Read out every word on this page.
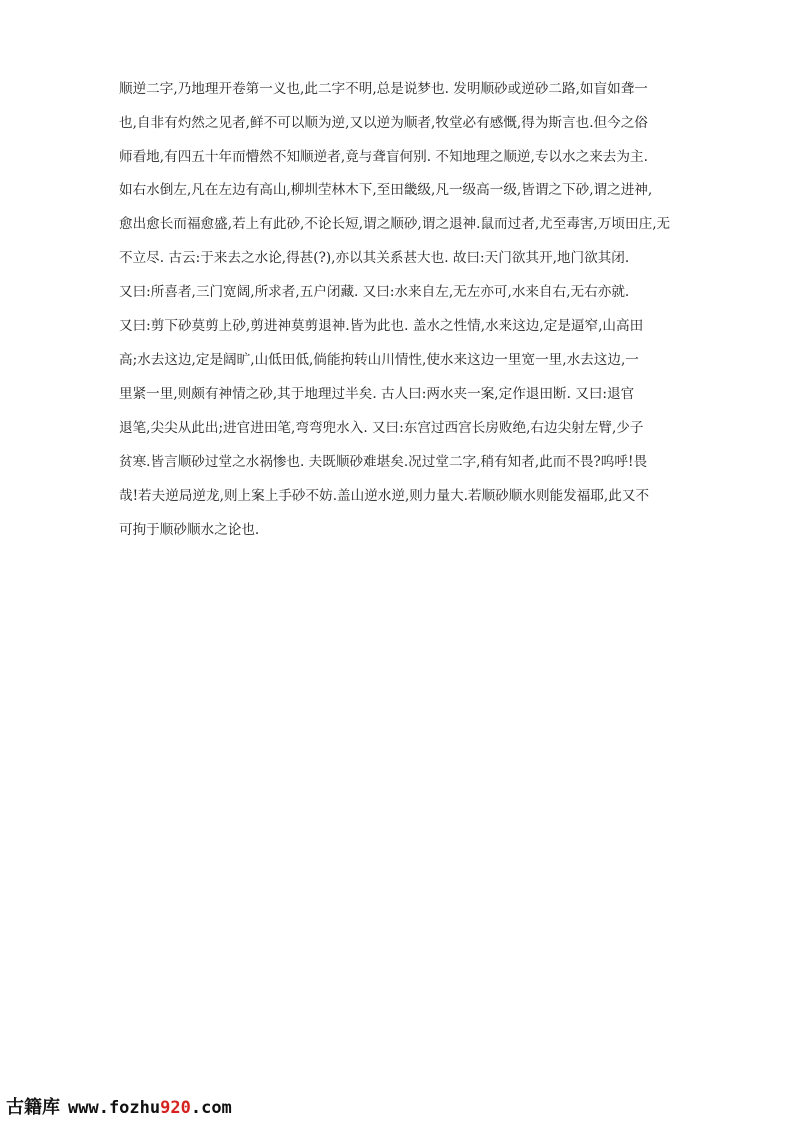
顺逆二字,乃地理开卷第一义也,此二字不明,总是说梦也. 发明顺砂或逆砂二路,如盲如聋一
也,自非有灼然之见者,鲜不可以顺为逆,又以逆为顺者,牧堂必有感慨,得为斯言也.但今之俗
师看地,有四五十年而懵然不知顺逆者,竟与聋盲何别. 不知地理之顺逆,专以水之来去为主.
如右水倒左,凡在左边有高山,柳圳茔林木下,至田畿级,凡一级高一级,皆谓之下砂,谓之进神,
愈出愈长而福愈盛,若上有此砂,不论长短,谓之顺砂,谓之退神.鼠而过者,尤至毒害,万顷田庄,无
不立尽. 古云:于来去之水论,得甚(?),亦以其关系甚大也. 故曰:天门欲其开,地门欲其闭.
又曰:所喜者,三门宽阔,所求者,五户闭藏. 又曰:水来自左,无左亦可,水来自右,无右亦就.
又曰:剪下砂莫剪上砂,剪进神莫剪退神.皆为此也. 盖水之性情,水来这边,定是逼窄,山高田
高;水去这边,定是阔旷,山低田低,倘能拘转山川情性,使水来这边一里宽一里,水去这边,一
里紧一里,则颇有神情之砂,其于地理过半矣. 古人曰:两水夹一案,定作退田断. 又曰:退官
退笔,尖尖从此出;进官进田笔,弯弯兜水入. 又曰:东宫过西宫长房败绝,右边尖射左臂,少子
贫寒.皆言顺砂过堂之水祸惨也. 夫既顺砂难堪矣.况过堂二字,稍有知者,此而不畏?呜呼!畏
哉!若夫逆局逆龙,则上案上手砂不妨.盖山逆水逆,则力量大.若顺砂顺水则能发福耶,此又不
可拘于顺砂顺水之论也.
古籍库 www.fozhu920.com
